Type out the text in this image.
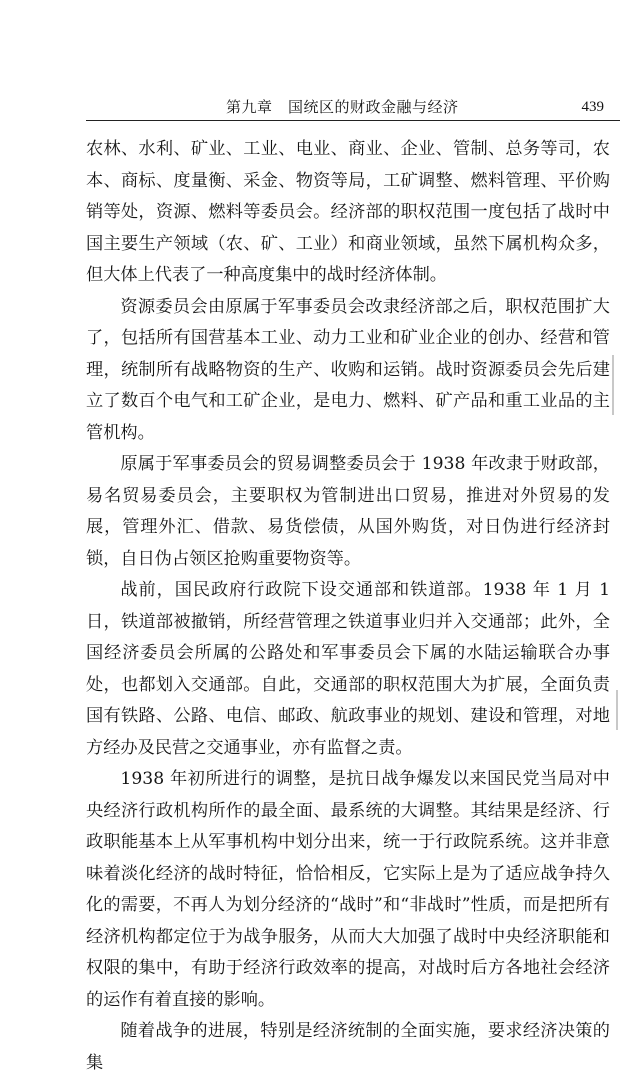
第九章　国统区的财政金融与经济	439

农林、水利、矿业、工业、电业、商业、企业、管制、总务等司，农本、商标、度量衡、采金、物资等局，工矿调整、燃料管理、平价购销等处，资源、燃料等委员会。经济部的职权范围一度包括了战时中国主要生产领域（农、矿、工业）和商业领域，虽然下属机构众多，但大体上代表了一种高度集中的战时经济体制。

资源委员会由原属于军事委员会改隶经济部之后，职权范围扩大了，包括所有国营基本工业、动力工业和矿业企业的创办、经营和管理，统制所有战略物资的生产、收购和运销。战时资源委员会先后建立了数百个电气和工矿企业，是电力、燃料、矿产品和重工业品的主管机构。

原属于军事委员会的贸易调整委员会于 1938 年改隶于财政部，易名贸易委员会，主要职权为管制进出口贸易，推进对外贸易的发展，管理外汇、借款、易货偿债，从国外购货，对日伪进行经济封锁，自日伪占领区抢购重要物资等。

战前，国民政府行政院下设交通部和铁道部。1938 年 1 月 1 日，铁道部被撤销，所经营管理之铁道事业归并入交通部；此外，全国经济委员会所属的公路处和军事委员会下属的水陆运输联合办事处，也都划入交通部。自此，交通部的职权范围大为扩展，全面负责国有铁路、公路、电信、邮政、航政事业的规划、建设和管理，对地方经办及民营之交通事业，亦有监督之责。

1938 年初所进行的调整，是抗日战争爆发以来国民党当局对中央经济行政机构所作的最全面、最系统的大调整。其结果是经济、行政职能基本上从军事机构中划分出来，统一于行政院系统。这并非意味着淡化经济的战时特征，恰恰相反，它实际上是为了适应战争持久化的需要，不再人为划分经济的“战时”和“非战时”性质，而是把所有经济机构都定位于为战争服务，从而大大加强了战时中央经济职能和权限的集中，有助于经济行政效率的提高，对战时后方各地社会经济的运作有着直接的影响。

随着战争的进展，特别是经济统制的全面实施，要求经济决策的集
